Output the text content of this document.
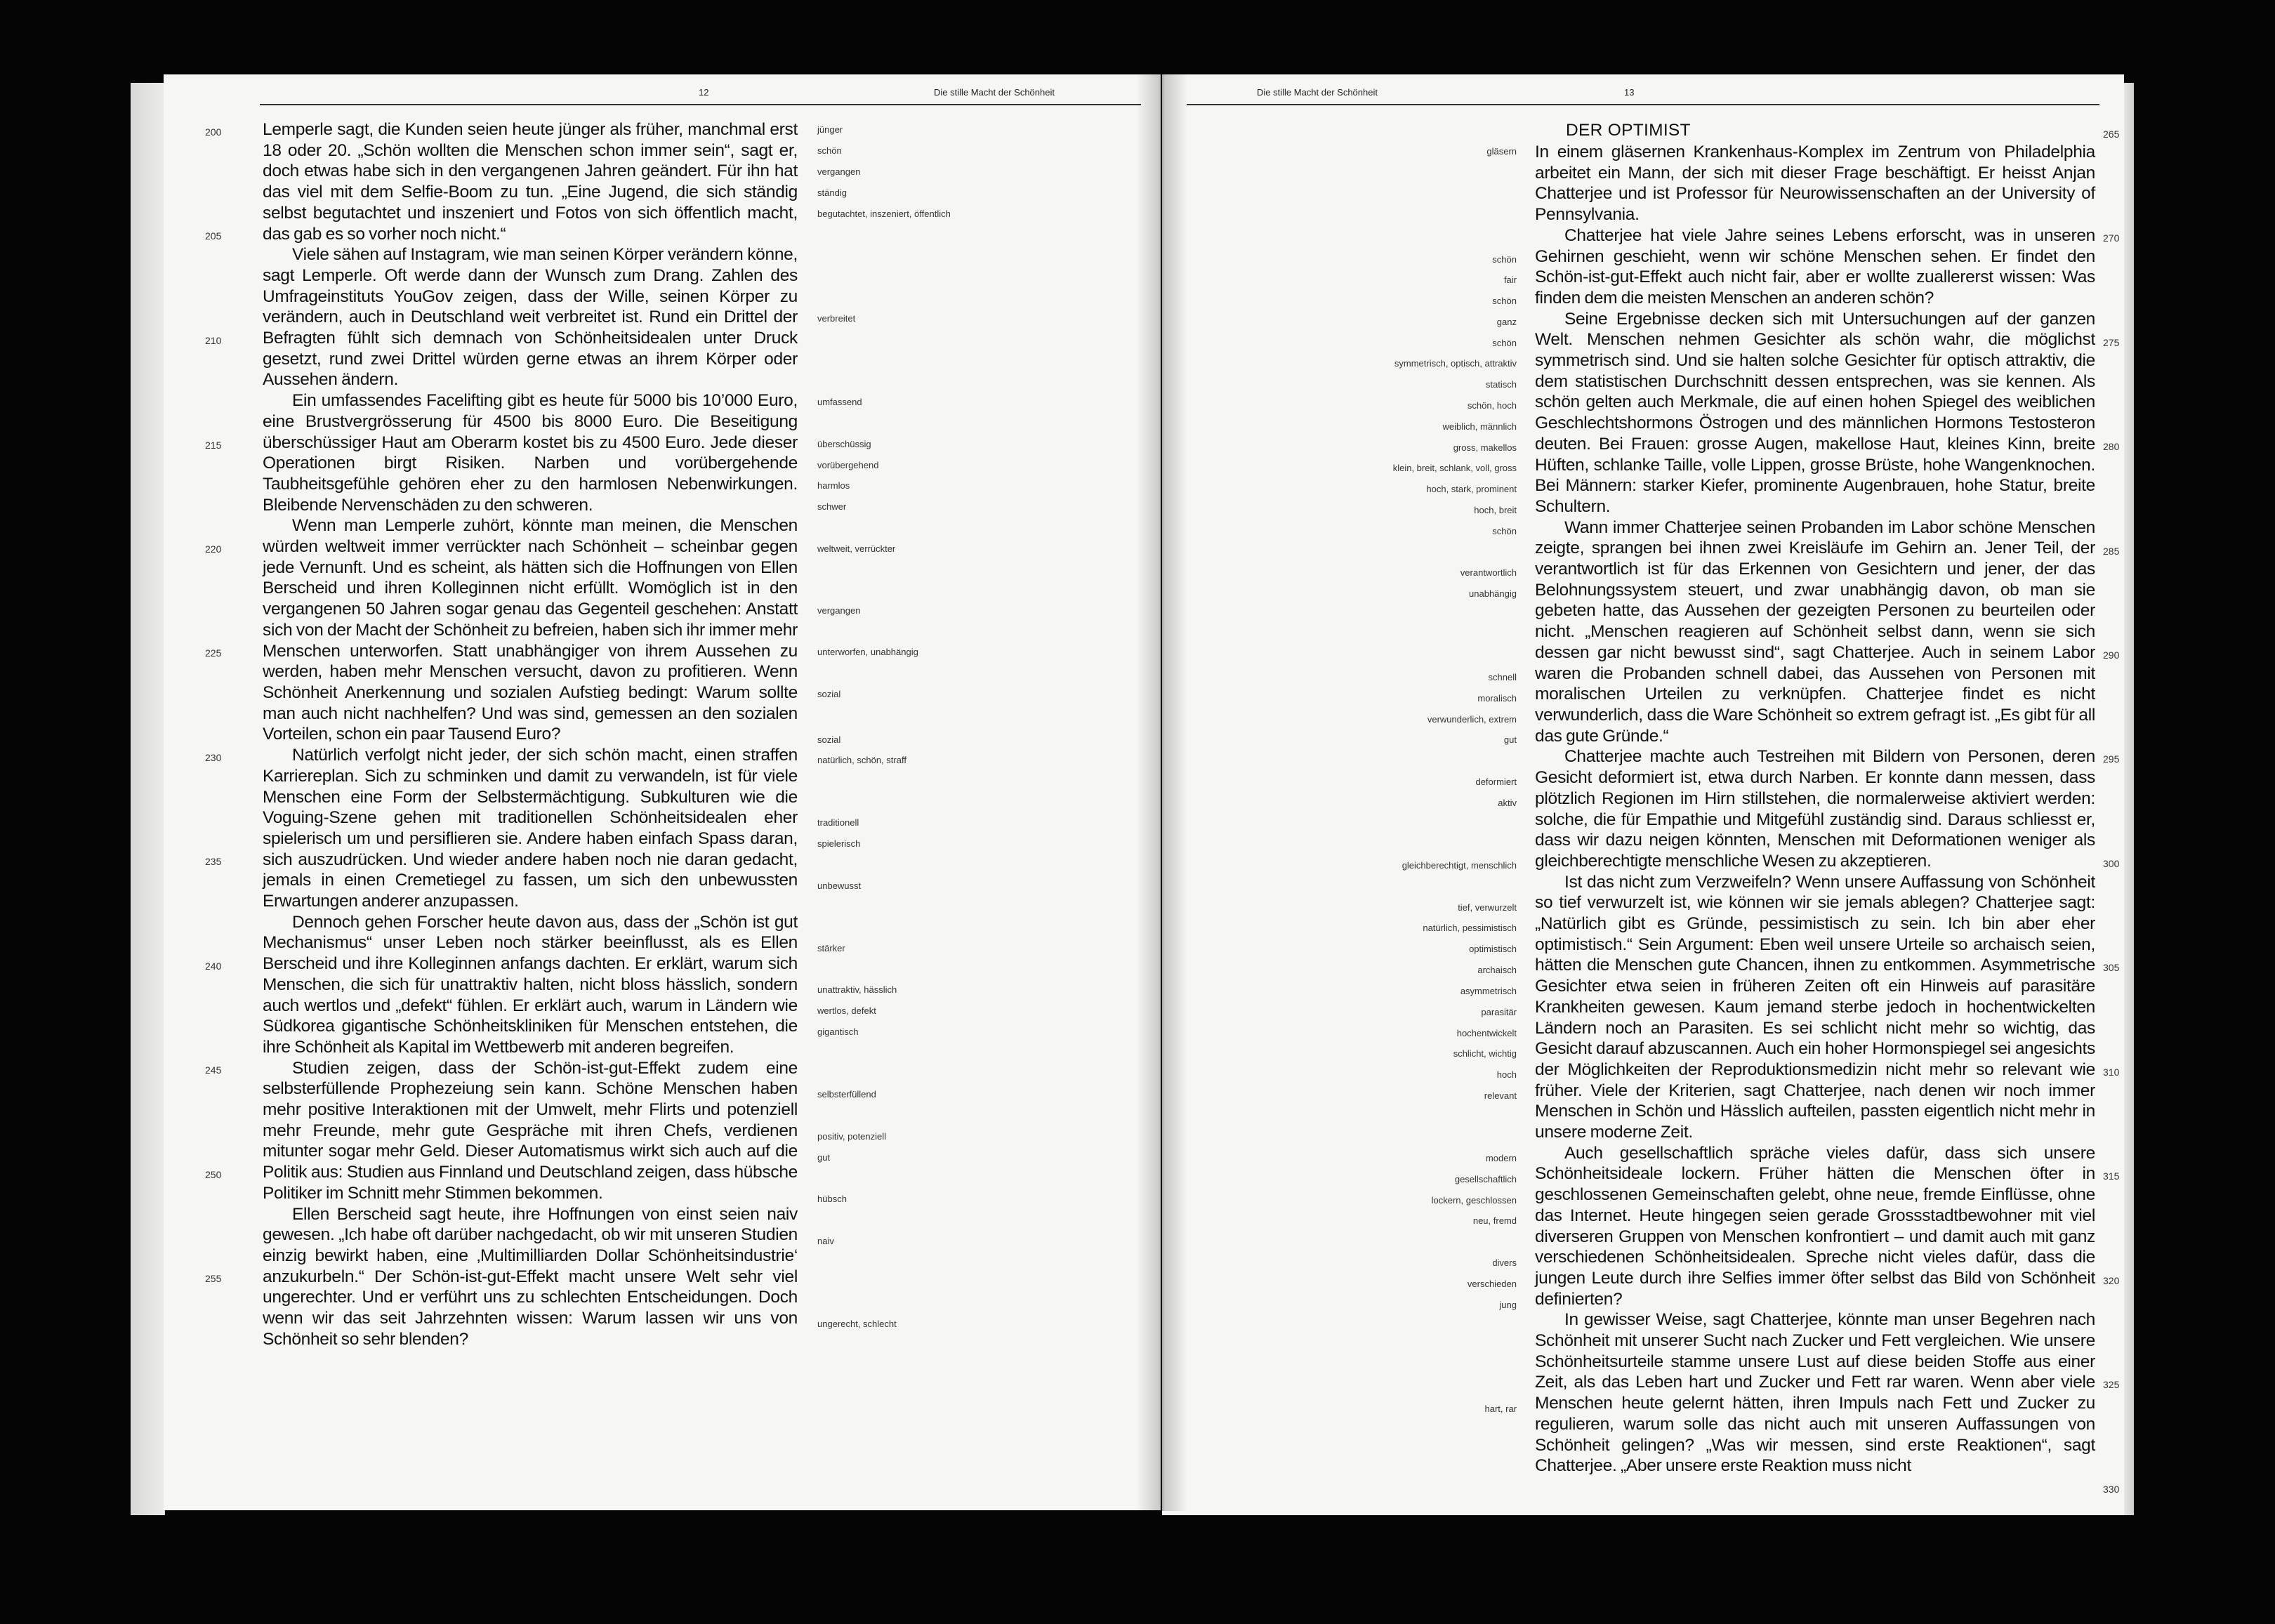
12	Die stille Macht der Schönheit
200
205
210
215
220
225
230
235
240
245
250
255

Lemperle sagt, die Kunden seien heute jünger als früher, manchmal erst 18 oder 20. „Schön wollten die Menschen schon immer sein“, sagt er, doch etwas habe sich in den vergangenen Jahren geändert. Für ihn hat das viel mit dem Selfie-Boom zu tun. „Eine Jugend, die sich ständig selbst begutachtet und inszeniert und Fotos von sich öffentlich macht, das gab es so vorher noch nicht.“

Viele sähen auf Instagram, wie man seinen Körper verändern könne, sagt Lemperle. Oft werde dann der Wunsch zum Drang. Zahlen des Umfrageinstituts YouGov zeigen, dass der Wille, seinen Körper zu verändern, auch in Deutschland weit verbreitet ist. Rund ein Drittel der Befragten fühlt sich demnach von Schönheitsidealen unter Druck gesetzt, rund zwei Drittel würden gerne etwas an ihrem Körper oder Aussehen ändern.

Ein umfassendes Facelifting gibt es heute für 5000 bis 10’000 Euro, eine Brustvergrösserung für 4500 bis 8000 Euro. Die Beseitigung überschüssiger Haut am Oberarm kostet bis zu 4500 Euro. Jede dieser Operationen birgt Risiken. Narben und vorübergehende Taubheitsgefühle gehören eher zu den harmlosen Nebenwirkungen. Bleibende Nervenschäden zu den schweren.

Wenn man Lemperle zuhört, könnte man meinen, die Menschen würden weltweit immer verrückter nach Schönheit – scheinbar gegen jede Vernunft. Und es scheint, als hätten sich die Hoffnungen von Ellen Berscheid und ihren Kolleginnen nicht erfüllt. Womöglich ist in den vergangenen 50 Jahren sogar genau das Gegenteil geschehen: Anstatt sich von der Macht der Schönheit zu befreien, haben sich ihr immer mehr Menschen unterworfen. Statt unabhängiger von ihrem Aussehen zu werden, haben mehr Menschen versucht, davon zu profitieren. Wenn Schönheit Anerkennung und sozialen Aufstieg bedingt: Warum sollte man auch nicht nachhelfen? Und was sind, gemessen an den sozialen Vorteilen, schon ein paar Tausend Euro?

Natürlich verfolgt nicht jeder, der sich schön macht, einen straffen Karriereplan. Sich zu schminken und damit zu verwandeln, ist für viele Menschen eine Form der Selbstermächtigung. Subkulturen wie die Voguing-Szene gehen mit traditionellen Schönheitsidealen eher spielerisch um und persiflieren sie. Andere haben einfach Spass daran, sich auszudrücken. Und wieder andere haben noch nie daran gedacht, jemals in einen Cremetiegel zu fassen, um sich den unbewussten Erwartungen anderer anzupassen.

Dennoch gehen Forscher heute davon aus, dass der „Schön ist gut Mechanismus“ unser Leben noch stärker beeinflusst, als es Ellen Berscheid und ihre Kolleginnen anfangs dachten. Er erklärt, warum sich Menschen, die sich für unattraktiv halten, nicht bloss hässlich, sondern auch wertlos und „defekt“ fühlen. Er erklärt auch, warum in Ländern wie Südkorea gigantische Schönheitskliniken für Menschen entstehen, die ihre Schönheit als Kapital im Wettbewerb mit anderen begreifen.

Studien zeigen, dass der Schön-ist-gut-Effekt zudem eine selbsterfüllende Prophezeiung sein kann. Schöne Menschen haben mehr positive Interaktionen mit der Umwelt, mehr Flirts und potenziell mehr Freunde, mehr gute Gespräche mit ihren Chefs, verdienen mitunter sogar mehr Geld. Dieser Automatismus wirkt sich auch auf die Politik aus: Studien aus Finnland und Deutschland zeigen, dass hübsche Politiker im Schnitt mehr Stimmen bekommen.

Ellen Berscheid sagt heute, ihre Hoffnungen von einst seien naiv gewesen. „Ich habe oft darüber nachgedacht, ob wir mit unseren Studien einzig bewirkt haben, eine ‚Multimilliarden Dollar Schönheitsindustrie‘ anzukurbeln.“ Der Schön-ist-gut-Effekt macht unsere Welt sehr viel ungerechter. Und er verführt uns zu schlechten Entscheidungen. Doch wenn wir das seit Jahrzehnten wissen: Warum lassen wir uns von Schönheit so sehr blenden?

jünger
schön
vergangen
ständig
begutachtet, inszeniert, öffentlich
verbreitet
umfassend
überschüssig
vorübergehend
harmlos
schwer
weltweit, verrückter
vergangen
unterworfen, unabhängig
sozial
sozial
natürlich, schön, straff
traditionell
spielerisch
unbewusst
stärker
unattraktiv, hässlich
wertlos, defekt
gigantisch
selbsterfüllend
positiv, potenziell
gut
hübsch
naiv
ungerecht, schlecht
Die stille Macht der Schönheit	13
DER OPTIMIST
gläsern
schön
fair
schön
ganz
schön
symmetrisch, optisch, attraktiv
statisch
schön, hoch
weiblich, männlich
gross, makellos
klein, breit, schlank, voll, gross
hoch, stark, prominent
hoch, breit
schön
verantwortlich
unabhängig
schnell
moralisch
verwunderlich, extrem
gut
deformiert
aktiv
gleichberechtigt, menschlich
tief, verwurzelt
natürlich, pessimistisch
optimistisch
archaisch
asymmetrisch
parasitär
hochentwickelt
schlicht, wichtig
hoch
relevant
modern
gesellschaftlich
lockern, geschlossen
neu, fremd
divers
verschieden
jung
hart, rar

In einem gläsernen Krankenhaus-Komplex im Zentrum von Philadelphia arbeitet ein Mann, der sich mit dieser Frage beschäftigt. Er heisst Anjan Chatterjee und ist Professor für Neurowissenschaften an der University of Pennsylvania.

Chatterjee hat viele Jahre seines Lebens erforscht, was in unseren Gehirnen geschieht, wenn wir schöne Menschen sehen. Er findet den Schön-ist-gut-Effekt auch nicht fair, aber er wollte zuallererst wissen: Was finden dem die meisten Menschen an anderen schön?

Seine Ergebnisse decken sich mit Untersuchungen auf der ganzen Welt. Menschen nehmen Gesichter als schön wahr, die möglichst symmetrisch sind. Und sie halten solche Gesichter für optisch attraktiv, die dem statistischen Durchschnitt dessen entsprechen, was sie kennen. Als schön gelten auch Merkmale, die auf einen hohen Spiegel des weiblichen Geschlechtshormons Östrogen und des männlichen Hormons Testosteron deuten. Bei Frauen: grosse Augen, makellose Haut, kleines Kinn, breite Hüften, schlanke Taille, volle Lippen, grosse Brüste, hohe Wangenknochen. Bei Männern: starker Kiefer, prominente Augenbrauen, hohe Statur, breite Schultern.

Wann immer Chatterjee seinen Probanden im Labor schöne Menschen zeigte, sprangen bei ihnen zwei Kreisläufe im Gehirn an. Jener Teil, der verantwortlich ist für das Erkennen von Gesichtern und jener, der das Belohnungssystem steuert, und zwar unabhängig davon, ob man sie gebeten hatte, das Aussehen der gezeigten Personen zu beurteilen oder nicht. „Menschen reagieren auf Schönheit selbst dann, wenn sie sich dessen gar nicht bewusst sind“, sagt Chatterjee. Auch in seinem Labor waren die Probanden schnell dabei, das Aussehen von Personen mit moralischen Urteilen zu verknüpfen. Chatterjee findet es nicht verwunderlich, dass die Ware Schönheit so extrem gefragt ist. „Es gibt für all das gute Gründe.“

Chatterjee machte auch Testreihen mit Bildern von Personen, deren Gesicht deformiert ist, etwa durch Narben. Er konnte dann messen, dass plötzlich Regionen im Hirn stillstehen, die normalerweise aktiviert werden: solche, die für Empathie und Mitgefühl zuständig sind. Daraus schliesst er, dass wir dazu neigen könnten, Menschen mit Deformationen weniger als gleichberechtigte menschliche Wesen zu akzeptieren.

Ist das nicht zum Verzweifeln? Wenn unsere Auffassung von Schönheit so tief verwurzelt ist, wie können wir sie jemals ablegen? Chatterjee sagt: „Natürlich gibt es Gründe, pessimistisch zu sein. Ich bin aber eher optimistisch.“ Sein Argument: Eben weil unsere Urteile so archaisch seien, hätten die Menschen gute Chancen, ihnen zu entkommen. Asymmetrische Gesichter etwa seien in früheren Zeiten oft ein Hinweis auf parasitäre Krankheiten gewesen. Kaum jemand sterbe jedoch in hochentwickelten Ländern noch an Parasiten. Es sei schlicht nicht mehr so wichtig, das Gesicht darauf abzuscannen. Auch ein hoher Hormonspiegel sei angesichts der Möglichkeiten der Reproduktionsmedizin nicht mehr so relevant wie früher. Viele der Kriterien, sagt Chatterjee, nach denen wir noch immer Menschen in Schön und Hässlich aufteilen, passten eigentlich nicht mehr in unsere moderne Zeit.

Auch gesellschaftlich spräche vieles dafür, dass sich unsere Schönheitsideale lockern. Früher hätten die Menschen öfter in geschlossenen Gemeinschaften gelebt, ohne neue, fremde Einflüsse, ohne das Internet. Heute hingegen seien gerade Grossstadtbewohner mit viel diverseren Gruppen von Menschen konfrontiert – und damit auch mit ganz verschiedenen Schönheitsidealen. Spreche nicht vieles dafür, dass die jungen Leute durch ihre Selfies immer öfter selbst das Bild von Schönheit definierten?

In gewisser Weise, sagt Chatterjee, könnte man unser Begehren nach Schönheit mit unserer Sucht nach Zucker und Fett vergleichen. Wie unsere Schönheitsurteile stamme unsere Lust auf diese beiden Stoffe aus einer Zeit, als das Leben hart und Zucker und Fett rar waren. Wenn aber viele Menschen heute gelernt hätten, ihren Impuls nach Fett und Zucker zu regulieren, warum solle das nicht auch mit unseren Auffassungen von Schönheit gelingen? „Was wir messen, sind erste Reaktionen“, sagt Chatterjee. „Aber unsere erste Reaktion muss nicht

265
270
275
280
285
290
295
300
305
310
315
320
325
330
